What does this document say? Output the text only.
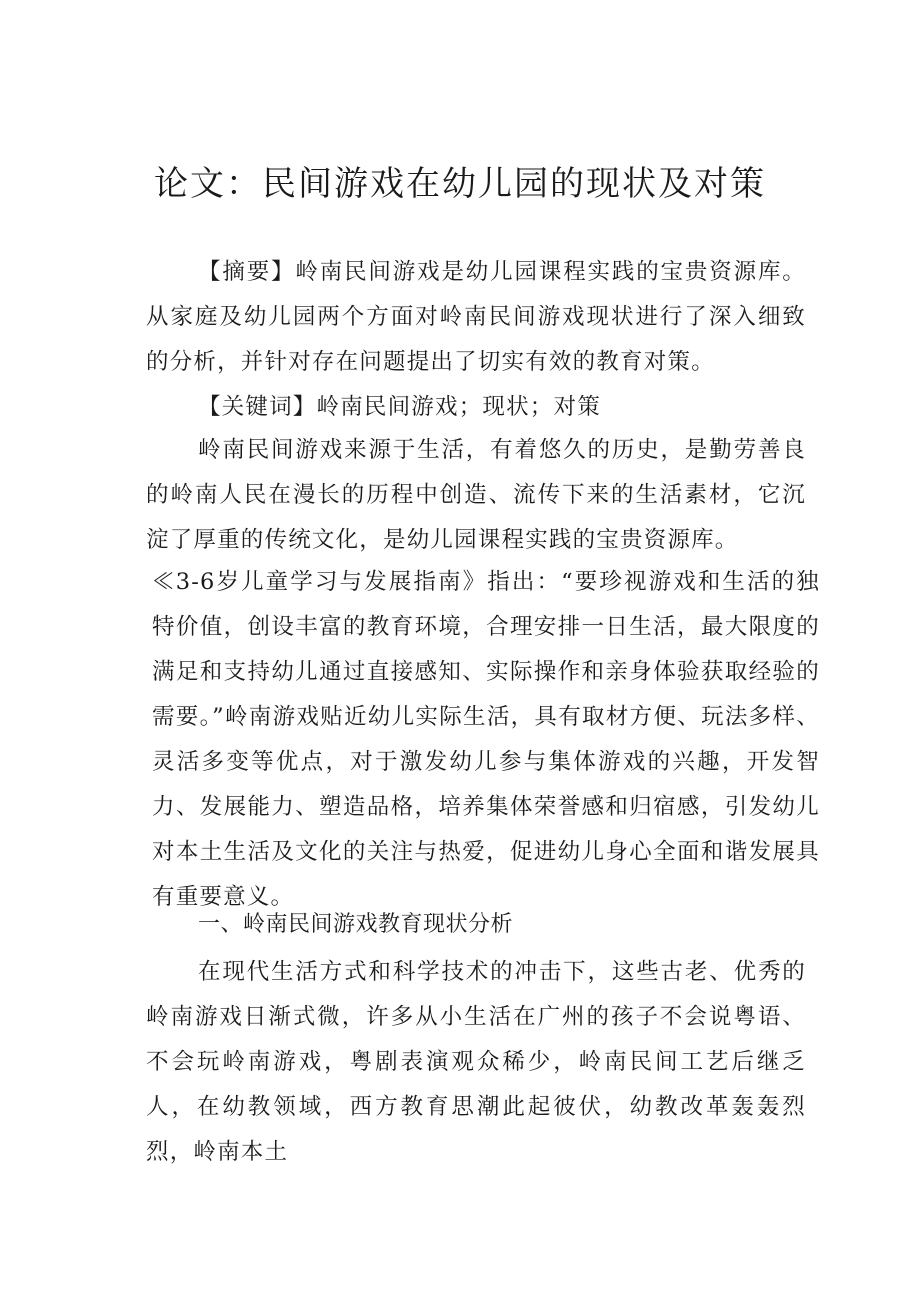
论文：民间游戏在幼儿园的现状及对策

【摘要】岭南民间游戏是幼儿园课程实践的宝贵资源库。从家庭及幼儿园两个方面对岭南民间游戏现状进行了深入细致的分析，并针对存在问题提出了切实有效的教育对策。

【关键词】岭南民间游戏；现状；对策

岭南民间游戏来源于生活，有着悠久的历史，是勤劳善良的岭南人民在漫长的历程中创造、流传下来的生活素材，它沉淀了厚重的传统文化，是幼儿园课程实践的宝贵资源库。

≪3-6岁儿童学习与发展指南》指出：“要珍视游戏和生活的独特价值，创设丰富的教育环境，合理安排一日生活，最大限度的满足和支持幼儿通过直接感知、实际操作和亲身体验获取经验的需要。”岭南游戏贴近幼儿实际生活，具有取材方便、玩法多样、灵活多变等优点，对于激发幼儿参与集体游戏的兴趣，开发智力、发展能力、塑造品格，培养集体荣誉感和归宿感，引发幼儿对本土生活及文化的关注与热爱，促进幼儿身心全面和谐发展具有重要意义。

一、岭南民间游戏教育现状分析

在现代生活方式和科学技术的冲击下，这些古老、优秀的岭南游戏日渐式微，许多从小生活在广州的孩子不会说粤语、不会玩岭南游戏，粤剧表演观众稀少，岭南民间工艺后继乏人，在幼教领域，西方教育思潮此起彼伏，幼教改革轰轰烈烈，岭南本土
